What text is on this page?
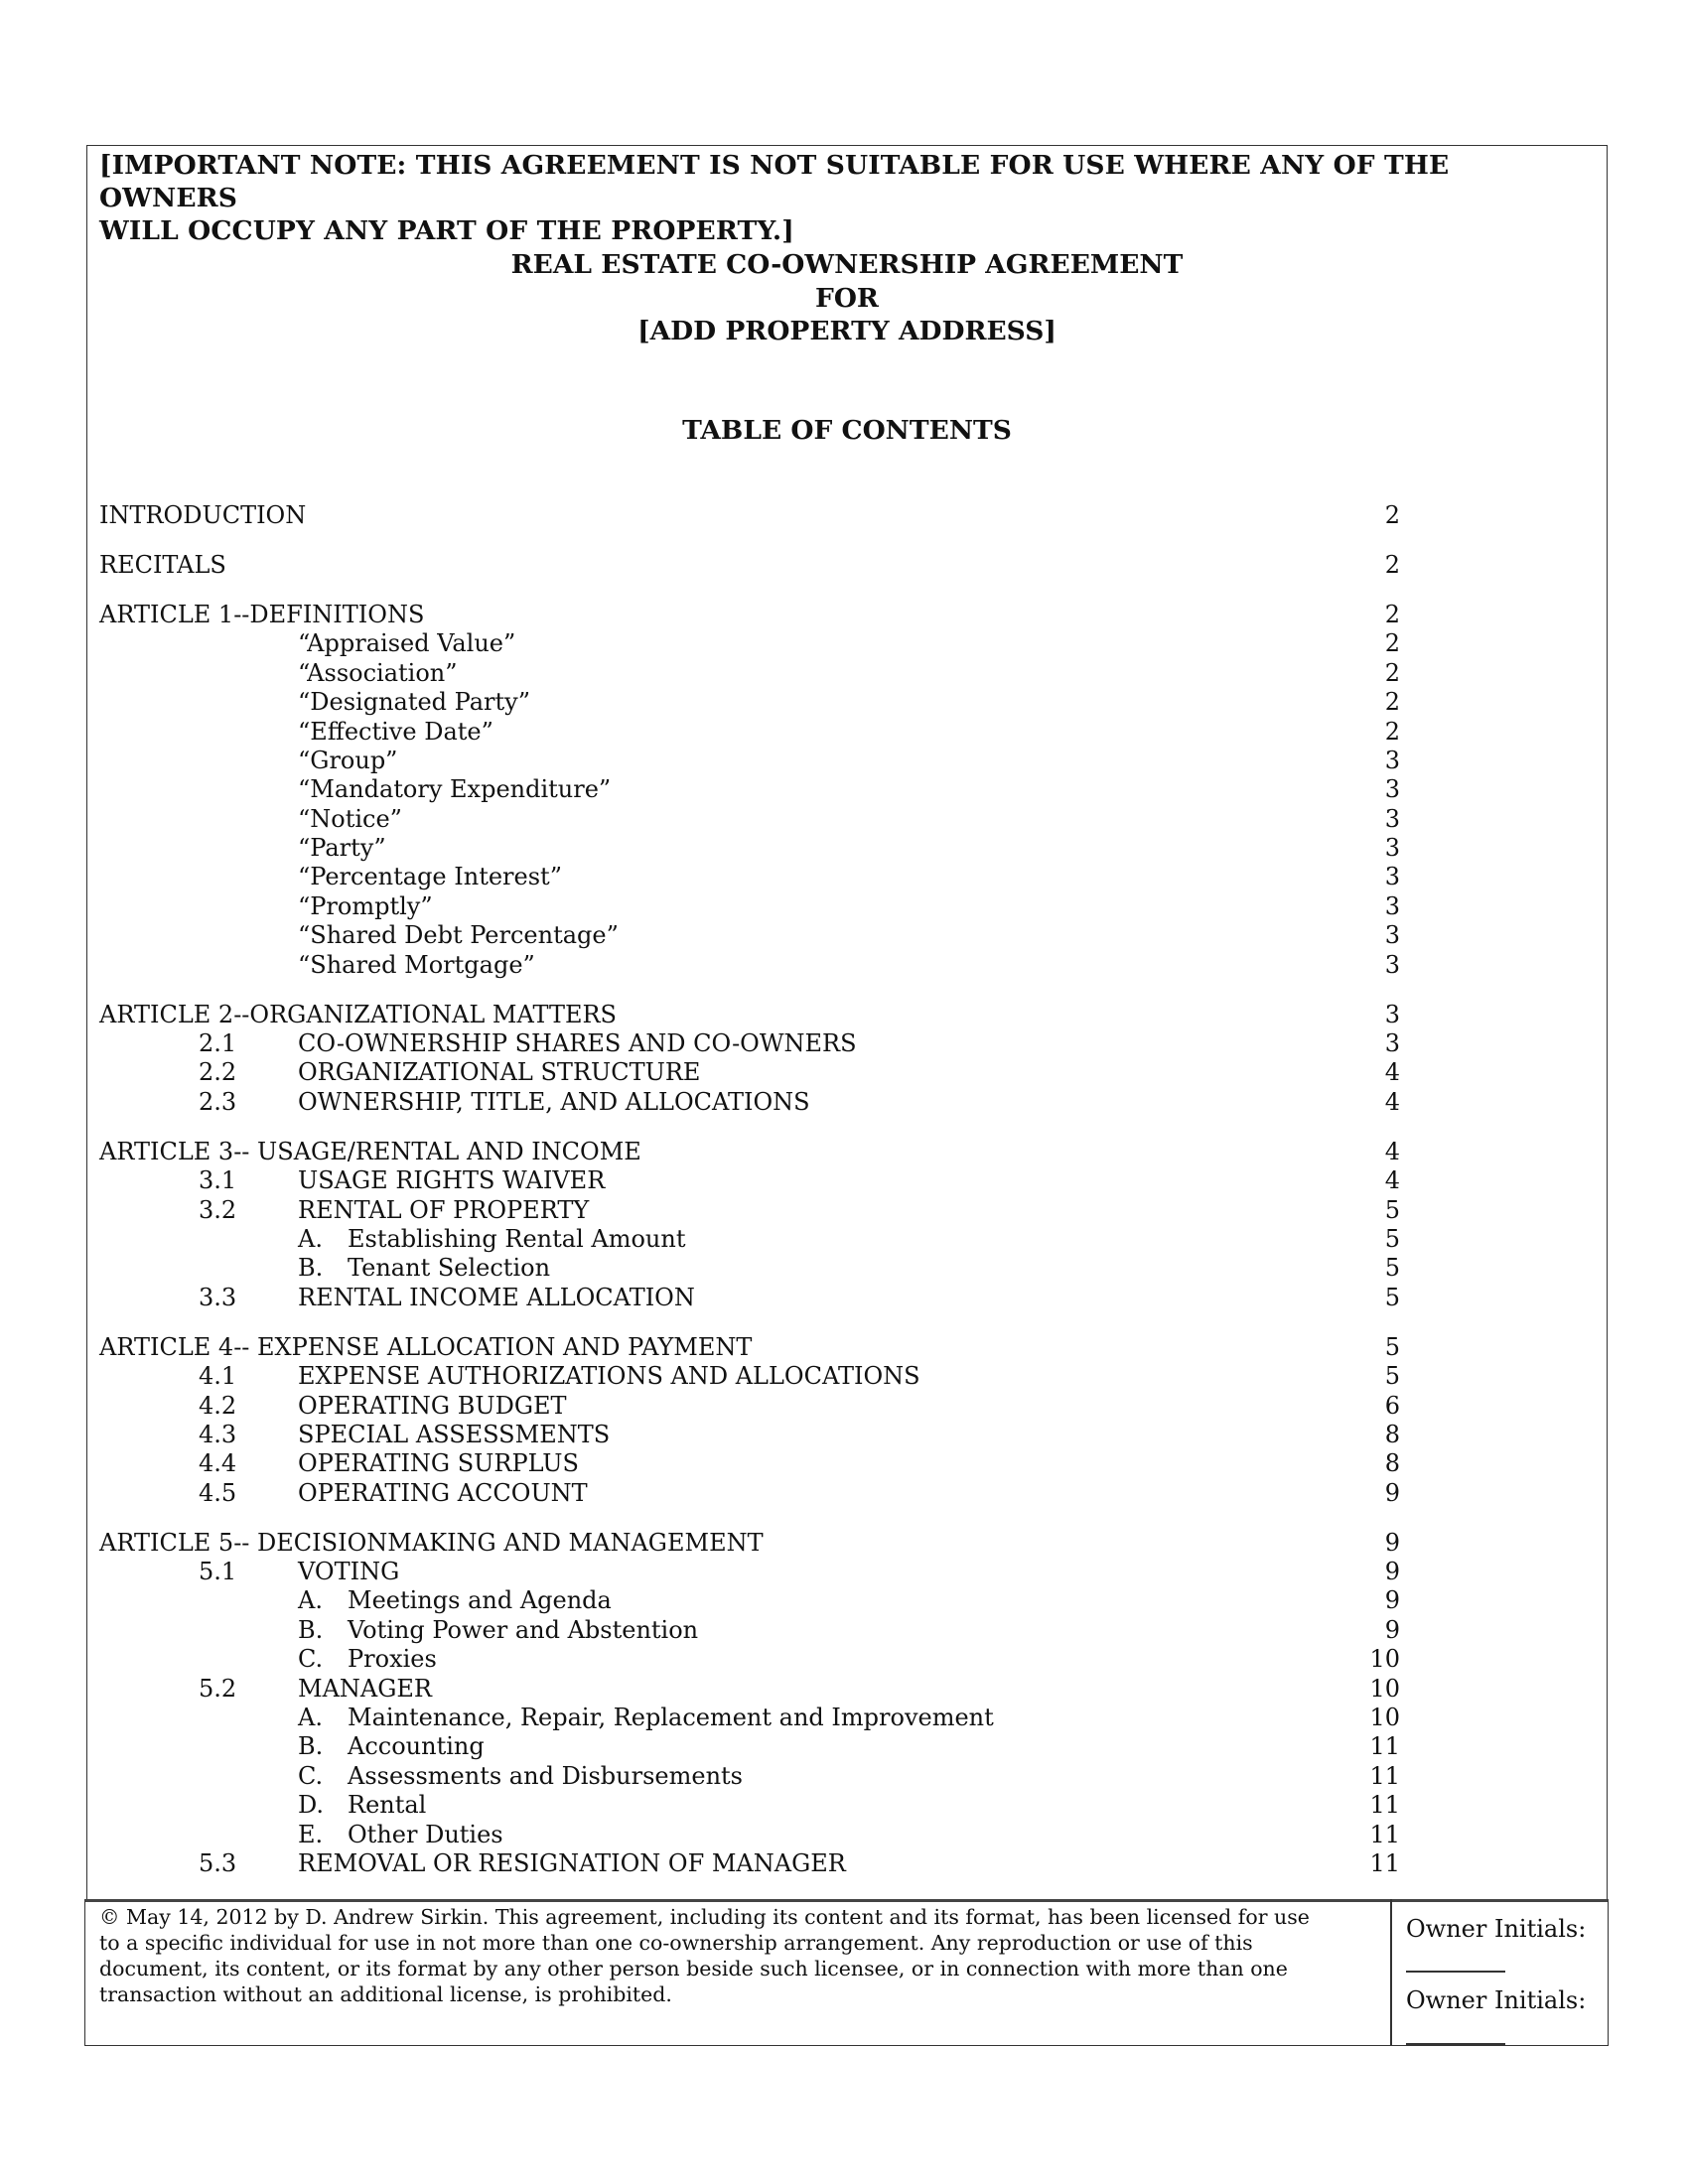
[IMPORTANT NOTE: THIS AGREEMENT IS NOT SUITABLE FOR USE WHERE ANY OF THE OWNERS
WILL OCCUPY ANY PART OF THE PROPERTY.]
REAL ESTATE CO-OWNERSHIP AGREEMENT
FOR
[ADD PROPERTY ADDRESS]
TABLE OF CONTENTS
INTRODUCTION	2
RECITALS	2
ARTICLE 1--DEFINITIONS	2
“Appraised Value”	2
“Association”	2
“Designated Party”	2
“Effective Date”	2
“Group”	3
“Mandatory Expenditure”	3
“Notice”	3
“Party”	3
“Percentage Interest”	3
“Promptly”	3
“Shared Debt Percentage”	3
“Shared Mortgage”	3
ARTICLE 2--ORGANIZATIONAL MATTERS	3
2.1	CO-OWNERSHIP SHARES AND CO-OWNERS	3
2.2	ORGANIZATIONAL STRUCTURE	4
2.3	OWNERSHIP, TITLE, AND ALLOCATIONS	4
ARTICLE 3-- USAGE/RENTAL AND INCOME	4
3.1	USAGE RIGHTS WAIVER	4
3.2	RENTAL OF PROPERTY	5
A. Establishing Rental Amount	5
B. Tenant Selection	5
3.3	RENTAL INCOME ALLOCATION	5
ARTICLE 4-- EXPENSE ALLOCATION AND PAYMENT	5
4.1	EXPENSE AUTHORIZATIONS AND ALLOCATIONS	5
4.2	OPERATING BUDGET	6
4.3	SPECIAL ASSESSMENTS	8
4.4	OPERATING SURPLUS	8
4.5	OPERATING ACCOUNT	9
ARTICLE 5-- DECISIONMAKING AND MANAGEMENT	9
5.1	VOTING	9
A. Meetings and Agenda	9
B. Voting Power and Abstention	9
C. Proxies	10
5.2	MANAGER	10
A. Maintenance, Repair, Replacement and Improvement	10
B. Accounting	11
C. Assessments and Disbursements	11
D. Rental	11
E. Other Duties	11
5.3	REMOVAL OR RESIGNATION OF MANAGER	11
© May 14, 2012 by D. Andrew Sirkin. This agreement, including its content and its format, has been licensed for use
to a specific individual for use in not more than one co-ownership arrangement. Any reproduction or use of this
document, its content, or its format by any other person beside such licensee, or in connection with more than one
transaction without an additional license, is prohibited.
Owner Initials:
Owner Initials:
